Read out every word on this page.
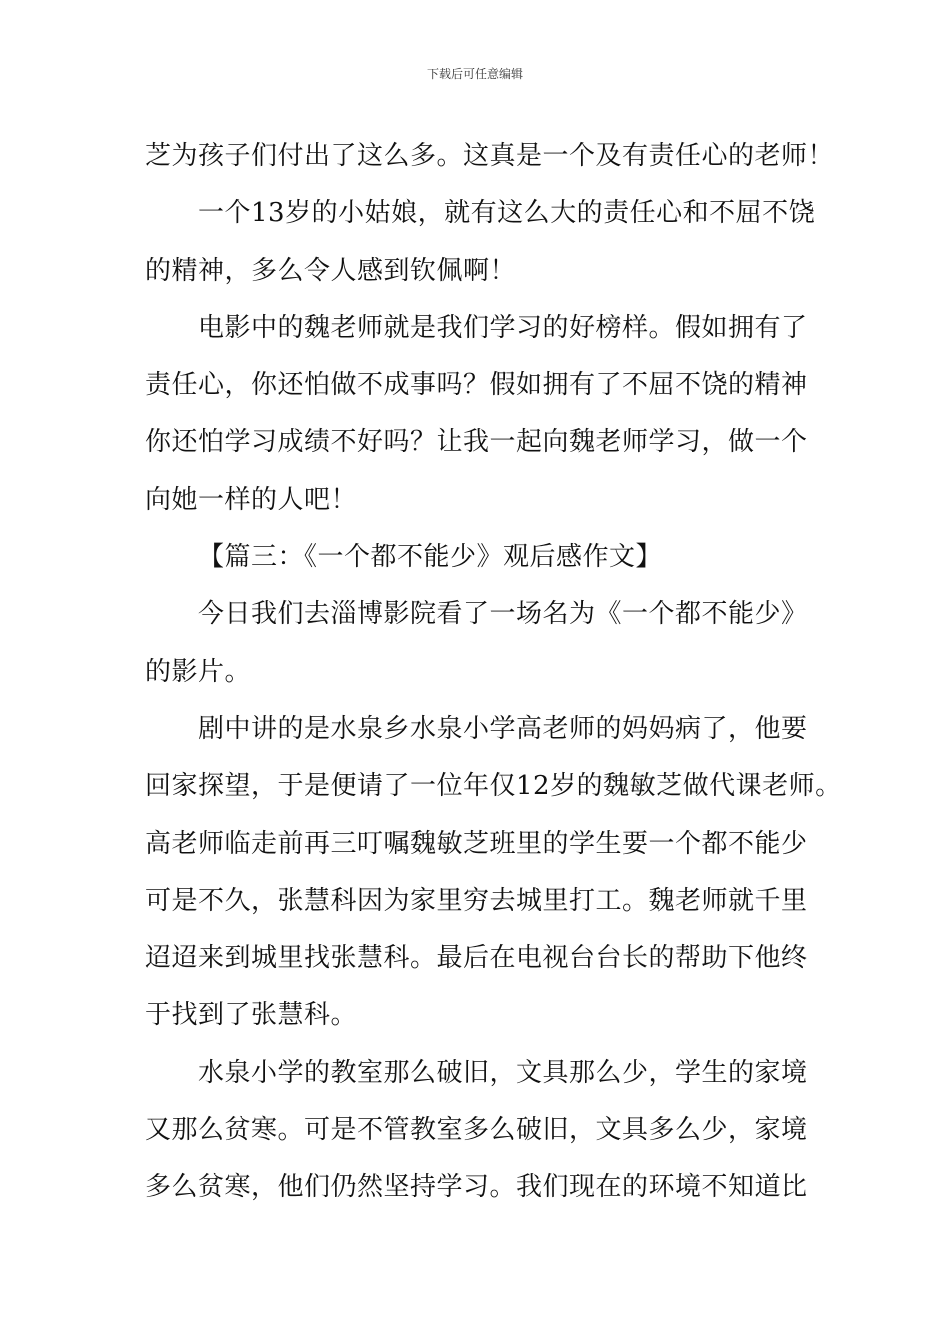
下载后可任意编辑
芝为孩子们付出了这么多。这真是一个及有责任心的老师！
一个13岁的小姑娘，就有这么大的责任心和不屈不饶
的精神，多么令人感到钦佩啊！
电影中的魏老师就是我们学习的好榜样。假如拥有了
责任心，你还怕做不成事吗？假如拥有了不屈不饶的精神
你还怕学习成绩不好吗？让我一起向魏老师学习，做一个
向她一样的人吧！
【篇三：《一个都不能少》观后感作文】
今日我们去淄博影院看了一场名为《一个都不能少》
的影片。
剧中讲的是水泉乡水泉小学高老师的妈妈病了，他要
回家探望，于是便请了一位年仅12岁的魏敏芝做代课老师。
高老师临走前再三叮嘱魏敏芝班里的学生要一个都不能少
可是不久，张慧科因为家里穷去城里打工。魏老师就千里
迢迢来到城里找张慧科。最后在电视台台长的帮助下他终
于找到了张慧科。
水泉小学的教室那么破旧，文具那么少，学生的家境
又那么贫寒。可是不管教室多么破旧，文具多么少，家境
多么贫寒，他们仍然坚持学习。我们现在的环境不知道比
